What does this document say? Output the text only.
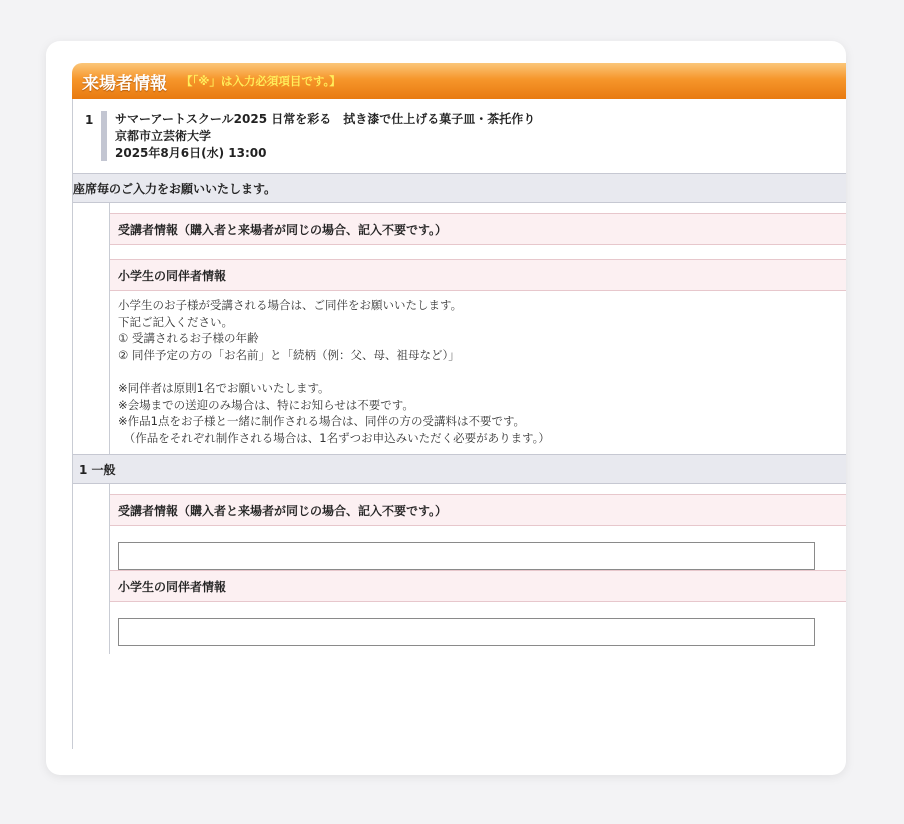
来場者情報 【「※」は入力必須項目です。】
1	サマーアートスクール2025 日常を彩る　拭き漆で仕上げる菓子皿・茶托作り
京都市立芸術大学
2025年8月6日(水) 13:00
座席毎のご入力をお願いいたします。
受講者情報（購入者と来場者が同じの場合、記入不要です。）
小学生の同伴者情報
小学生のお子様が受講される場合は、ご同伴をお願いいたします。
下記ご記入ください。
① 受講されるお子様の年齢
② 同伴予定の方の「お名前」と「続柄（例：父、母、祖母など）」

※同伴者は原則1名でお願いいたします。
※会場までの送迎のみ場合は、特にお知らせは不要です。
※作品1点をお子様と一緒に制作される場合は、同伴の方の受講料は不要です。
　（作品をそれぞれ制作される場合は、1名ずつお申込みいただく必要があります。）
1 一般
受講者情報（購入者と来場者が同じの場合、記入不要です。）
小学生の同伴者情報
